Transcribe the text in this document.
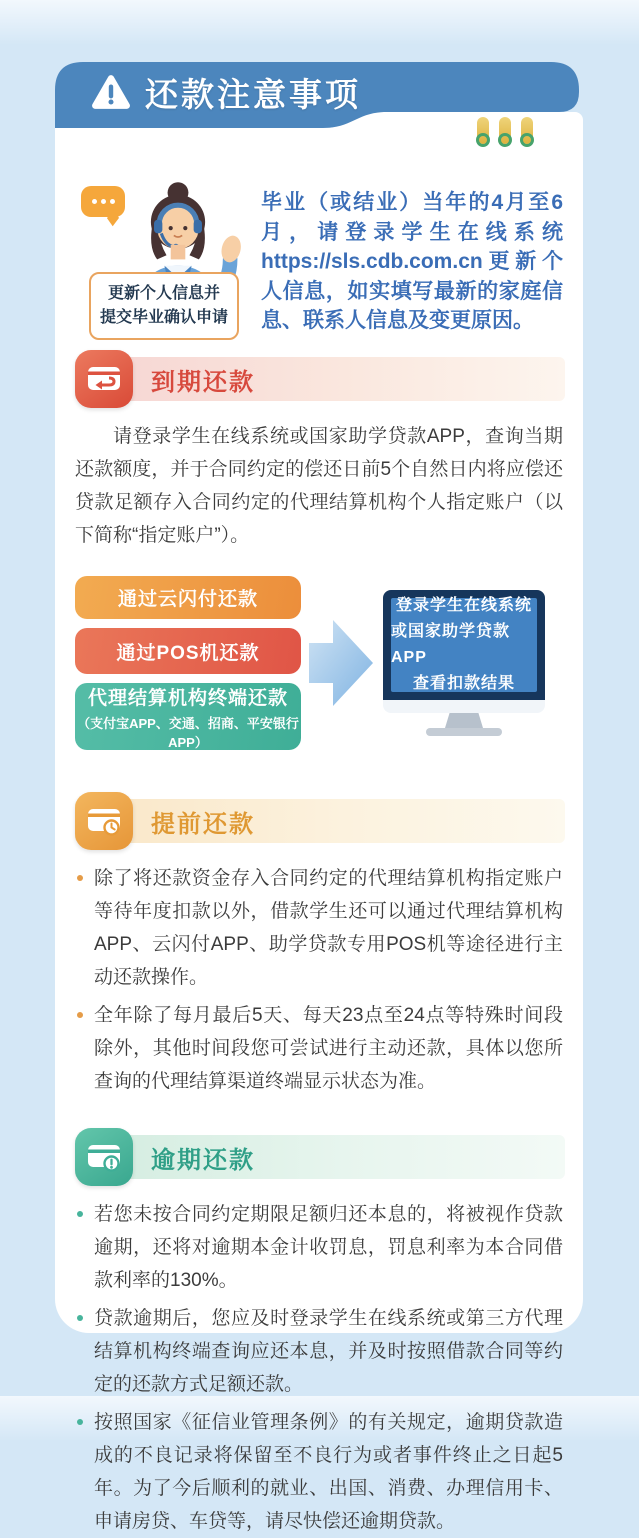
还款注意事项
更新个人信息并
提交毕业确认申请
毕业（或结业）当年的4月至6月，请登录学生在线系统https://sls.cdb.com.cn更新个人信息，如实填写最新的家庭信息、联系人信息及变更原因。
到期还款

请登录学生在线系统或国家助学贷款APP，查询当期还款额度，并于合同约定的偿还日前5个自然日内将应偿还贷款足额存入合同约定的代理结算机构个人指定账户（以下简称“指定账户”）。

通过云闪付还款
通过POS机还款
代理结算机构终端还款
（支付宝APP、交通、招商、平安银行APP）
登录学生在线系统
或国家助学贷款APP
查看扣款结果
提前还款
除了将还款资金存入合同约定的代理结算机构指定账户等待年度扣款以外，借款学生还可以通过代理结算机构APP、云闪付APP、助学贷款专用POS机等途径进行主动还款操作。
全年除了每月最后5天、每天23点至24点等特殊时间段除外，其他时间段您可尝试进行主动还款，具体以您所查询的代理结算渠道终端显示状态为准。
逾期还款
若您未按合同约定期限足额归还本息的，将被视作贷款逾期，还将对逾期本金计收罚息，罚息利率为本合同借款利率的130%。
贷款逾期后，您应及时登录学生在线系统或第三方代理结算机构终端查询应还本息，并及时按照借款合同等约定的还款方式足额还款。
按照国家《征信业管理条例》的有关规定，逾期贷款造成的不良记录将保留至不良行为或者事件终止之日起5年。为了今后顺利的就业、出国、消费、办理信用卡、申请房贷、车贷等，请尽快偿还逾期贷款。
